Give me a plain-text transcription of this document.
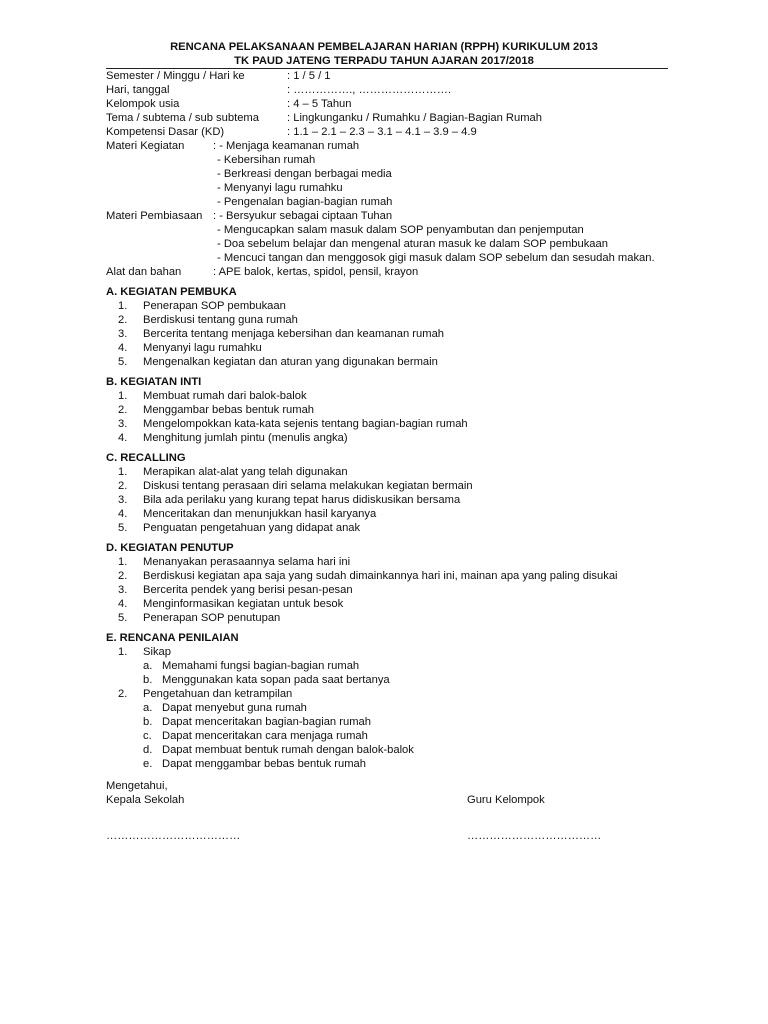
RENCANA PELAKSANAAN PEMBELAJARAN HARIAN (RPPH) KURIKULUM 2013
TK PAUD JATENG TERPADU TAHUN AJARAN 2017/2018
Semester / Minggu / Hari ke	: 1 / 5 / 1
Hari, tanggal	: ……………., …………………….
Kelompok usia	: 4 – 5 Tahun
Tema / subtema / sub subtema	: Lingkunganku / Rumahku / Bagian-Bagian Rumah
Kompetensi Dasar (KD)	: 1.1 – 2.1 – 2.3 – 3.1 – 4.1 – 3.9 – 4.9
Materi Kegiatan	: - Menjaga keamanan rumah
- Kebersihan rumah
- Berkreasi dengan berbagai media
- Menyanyi lagu rumahku
- Pengenalan bagian-bagian rumah
Materi Pembiasaan : - Bersyukur sebagai ciptaan Tuhan
- Mengucapkan salam masuk dalam SOP penyambutan dan penjemputan
- Doa sebelum belajar dan mengenal aturan masuk ke dalam SOP pembukaan
- Mencuci tangan dan menggosok gigi masuk dalam SOP sebelum dan sesudah makan.
Alat dan bahan	: APE balok, kertas, spidol, pensil, krayon
A. KEGIATAN PEMBUKA
1. Penerapan SOP pembukaan
2. Berdiskusi tentang guna rumah
3. Bercerita tentang menjaga kebersihan dan keamanan rumah
4. Menyanyi lagu rumahku
5. Mengenalkan kegiatan dan aturan yang digunakan bermain
B. KEGIATAN INTI
1. Membuat rumah dari balok-balok
2. Menggambar bebas bentuk rumah
3. Mengelompokkan kata-kata sejenis tentang bagian-bagian rumah
4. Menghitung jumlah pintu (menulis angka)
C. RECALLING
1. Merapikan alat-alat yang telah digunakan
2. Diskusi tentang perasaan diri selama melakukan kegiatan bermain
3. Bila ada perilaku yang kurang tepat harus didiskusikan bersama
4. Menceritakan dan menunjukkan hasil karyanya
5. Penguatan pengetahuan yang didapat anak
D. KEGIATAN PENUTUP
1. Menanyakan perasaannya selama hari ini
2. Berdiskusi kegiatan apa saja yang sudah dimainkannya hari ini, mainan apa yang paling disukai
3. Bercerita pendek yang berisi pesan-pesan
4. Menginformasikan kegiatan untuk besok
5. Penerapan SOP penutupan
E. RENCANA PENILAIAN
1. Sikap
a. Memahami fungsi bagian-bagian rumah
b. Menggunakan kata sopan pada saat bertanya
2. Pengetahuan dan ketrampilan
a. Dapat menyebut guna rumah
b. Dapat menceritakan bagian-bagian rumah
c. Dapat menceritakan cara menjaga rumah
d. Dapat membuat bentuk rumah dengan balok-balok
e. Dapat menggambar bebas bentuk rumah
Mengetahui,
Kepala Sekolah	Guru Kelompok
………………………………	………………………………
